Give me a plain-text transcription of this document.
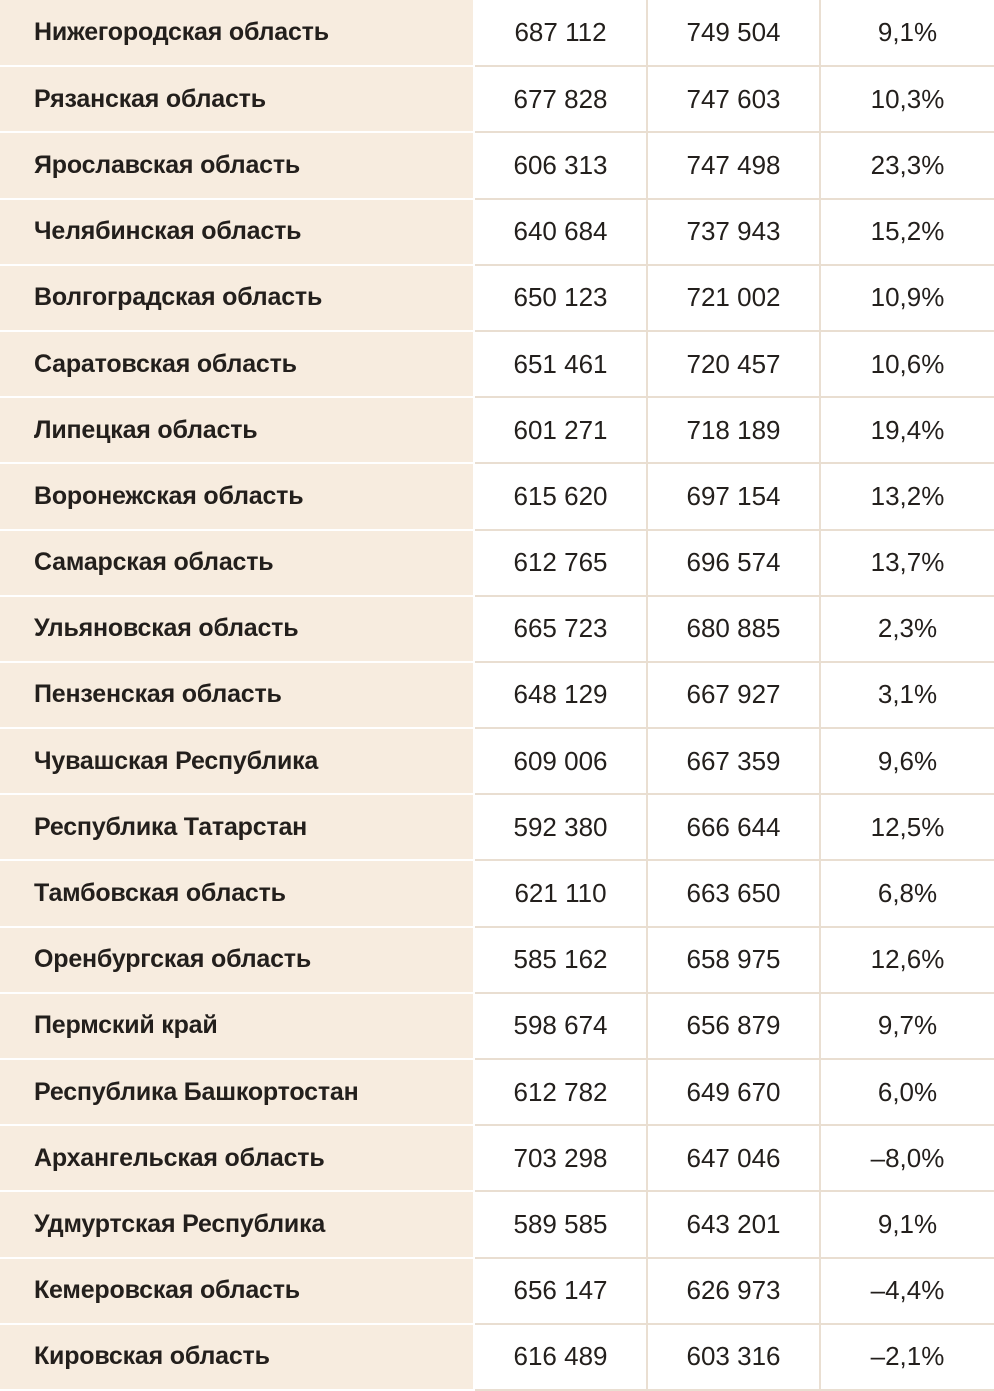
Нижегородская область	687 112	749 504	9,1%
Рязанская область	677 828	747 603	10,3%
Ярославская область	606 313	747 498	23,3%
Челябинская область	640 684	737 943	15,2%
Волгоградская область	650 123	721 002	10,9%
Саратовская область	651 461	720 457	10,6%
Липецкая область	601 271	718 189	19,4%
Воронежская область	615 620	697 154	13,2%
Самарская область	612 765	696 574	13,7%
Ульяновская область	665 723	680 885	2,3%
Пензенская область	648 129	667 927	3,1%
Чувашская Республика	609 006	667 359	9,6%
Республика Татарстан	592 380	666 644	12,5%
Тамбовская область	621 110	663 650	6,8%
Оренбургская область	585 162	658 975	12,6%
Пермский край	598 674	656 879	9,7%
Республика Башкортостан	612 782	649 670	6,0%
Архангельская область	703 298	647 046	–8,0%
Удмуртская Республика	589 585	643 201	9,1%
Кемеровская область	656 147	626 973	–4,4%
Кировская область	616 489	603 316	–2,1%
